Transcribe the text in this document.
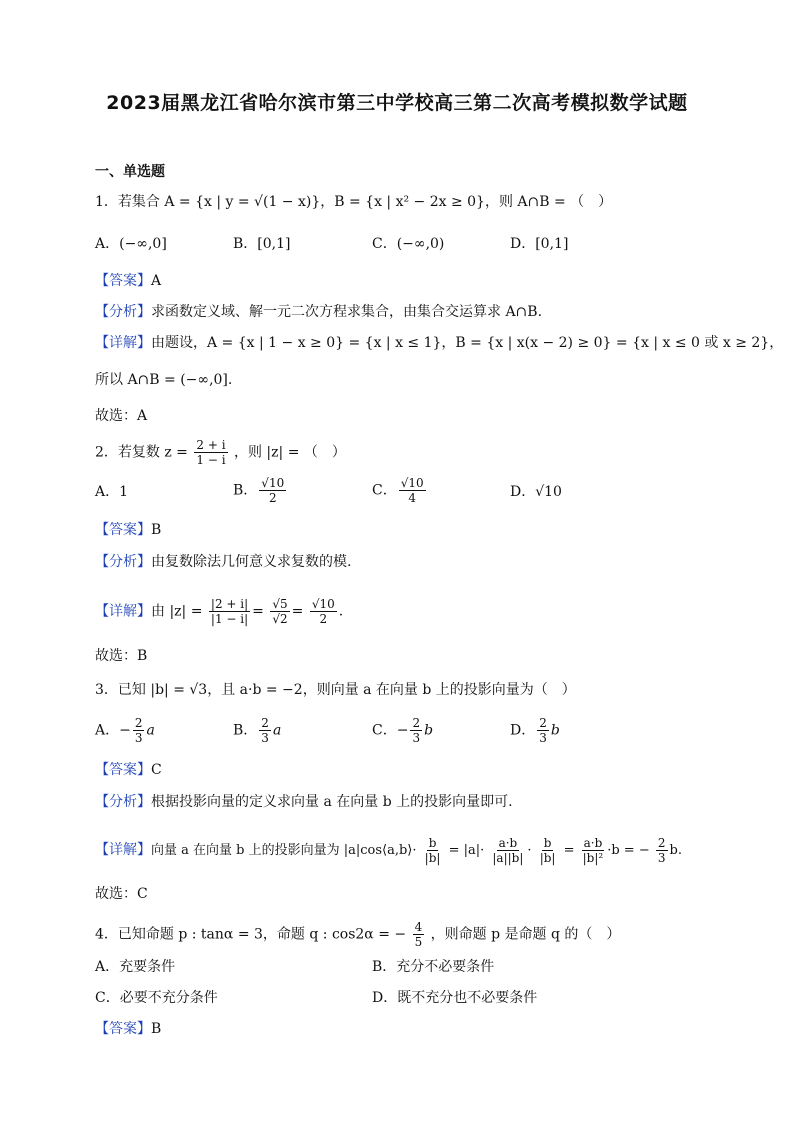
2023届黑龙江省哈尔滨市第三中学校高三第二次高考模拟数学试题
一、单选题
1．若集合 A = {x | y = √(1 − x)}，B = {x | x² − 2x ≥ 0}，则 A∩B = （　）
A．(−∞,0]	B．[0,1]	C．(−∞,0)	D．[0,1]
【答案】A
【分析】求函数定义域、解一元二次方程求集合，由集合交运算求 A∩B.
【详解】由题设，A = {x | 1 − x ≥ 0} = {x | x ≤ 1}，B = {x | x(x − 2) ≥ 0} = {x | x ≤ 0 或 x ≥ 2}，
所以 A∩B = (−∞,0].
故选：A
2．若复数 $z = \frac{2 + i}{1 - i}$ ，则 |z| = （　）
A．1	B． $\frac{√10}{2}$	C． $\frac{√10}{4}$	D．√10
【答案】B
【分析】由复数除法几何意义求复数的模.
【详解】由 $|z| = \frac{|2 + i|}{|1 - i|} = \frac{√5}{√2} = \frac{√10}{2}$ .
故选：B
3．已知 |b| = √3，且 a·b = −2，则向量 a 在向量 b 上的投影向量为（　）
A．− $\frac{2}{3}$ a	B． $\frac{2}{3}$ a	C．− $\frac{2}{3}$ b	D． $\frac{2}{3}$ b
【答案】C
【分析】根据投影向量的定义求向量 a 在向量 b 上的投影向量即可.
【详解】向量 a 在向量 b 上的投影向量为 |a|cos⟨a,b⟩· $\frac{b}{|b|} = |a|\cdot \frac{a\cdot b}{|a||b|} \cdot \frac{b}{|b|} = \frac{a\cdot b}{\text{|b|²}} \cdot b$ = − $\frac{2}{3} b$.
故选：C
4．已知命题 p : tanα = 3，命题 q : cos2α = − $\frac{4}{5}$ ，则命题 p 是命题 q 的（　）
A．充要条件	B．充分不必要条件
C．必要不充分条件	D．既不充分也不必要条件
【答案】B
